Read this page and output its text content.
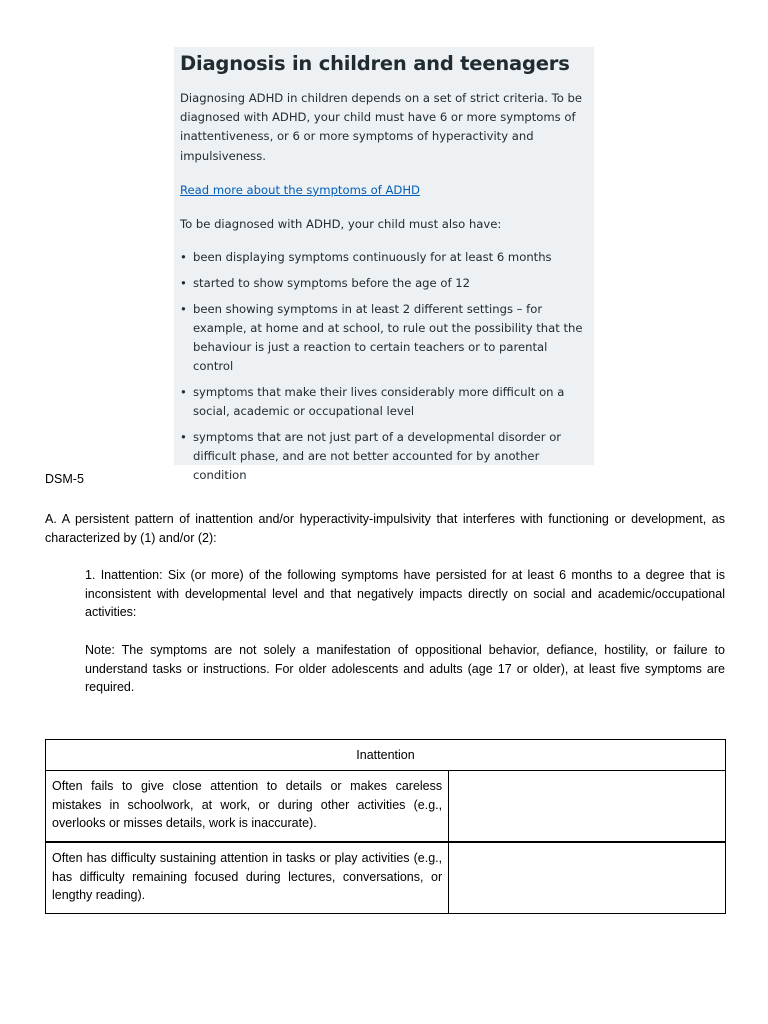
Diagnosis in children and teenagers

Diagnosing ADHD in children depends on a set of strict criteria. To be diagnosed with ADHD, your child must have 6 or more symptoms of inattentiveness, or 6 or more symptoms of hyperactivity and impulsiveness.

Read more about the symptoms of ADHD

To be diagnosed with ADHD, your child must also have:

• been displaying symptoms continuously for at least 6 months
• started to show symptoms before the age of 12
• been showing symptoms in at least 2 different settings – for example, at home and at school, to rule out the possibility that the behaviour is just a reaction to certain teachers or to parental control
• symptoms that make their lives considerably more difficult on a social, academic or occupational level
• symptoms that are not just part of a developmental disorder or difficult phase, and are not better accounted for by another condition
DSM-5

A. A persistent pattern of inattention and/or hyperactivity-impulsivity that interferes with functioning or development, as characterized by (1) and/or (2):

1. Inattention: Six (or more) of the following symptoms have persisted for at least 6 months to a degree that is inconsistent with developmental level and that negatively impacts directly on social and academic/occupational activities:

Note: The symptoms are not solely a manifestation of oppositional behavior, defiance, hostility, or failure to understand tasks or instructions. For older adolescents and adults (age 17 or older), at least five symptoms are required.

Inattention	
Often fails to give close attention to details or makes careless mistakes in schoolwork, at work, or during other activities (e.g., overlooks or misses details, work is inaccurate).	
Often has difficulty sustaining attention in tasks or play activities (e.g., has difficulty remaining focused during lectures, conversations, or lengthy reading).	
